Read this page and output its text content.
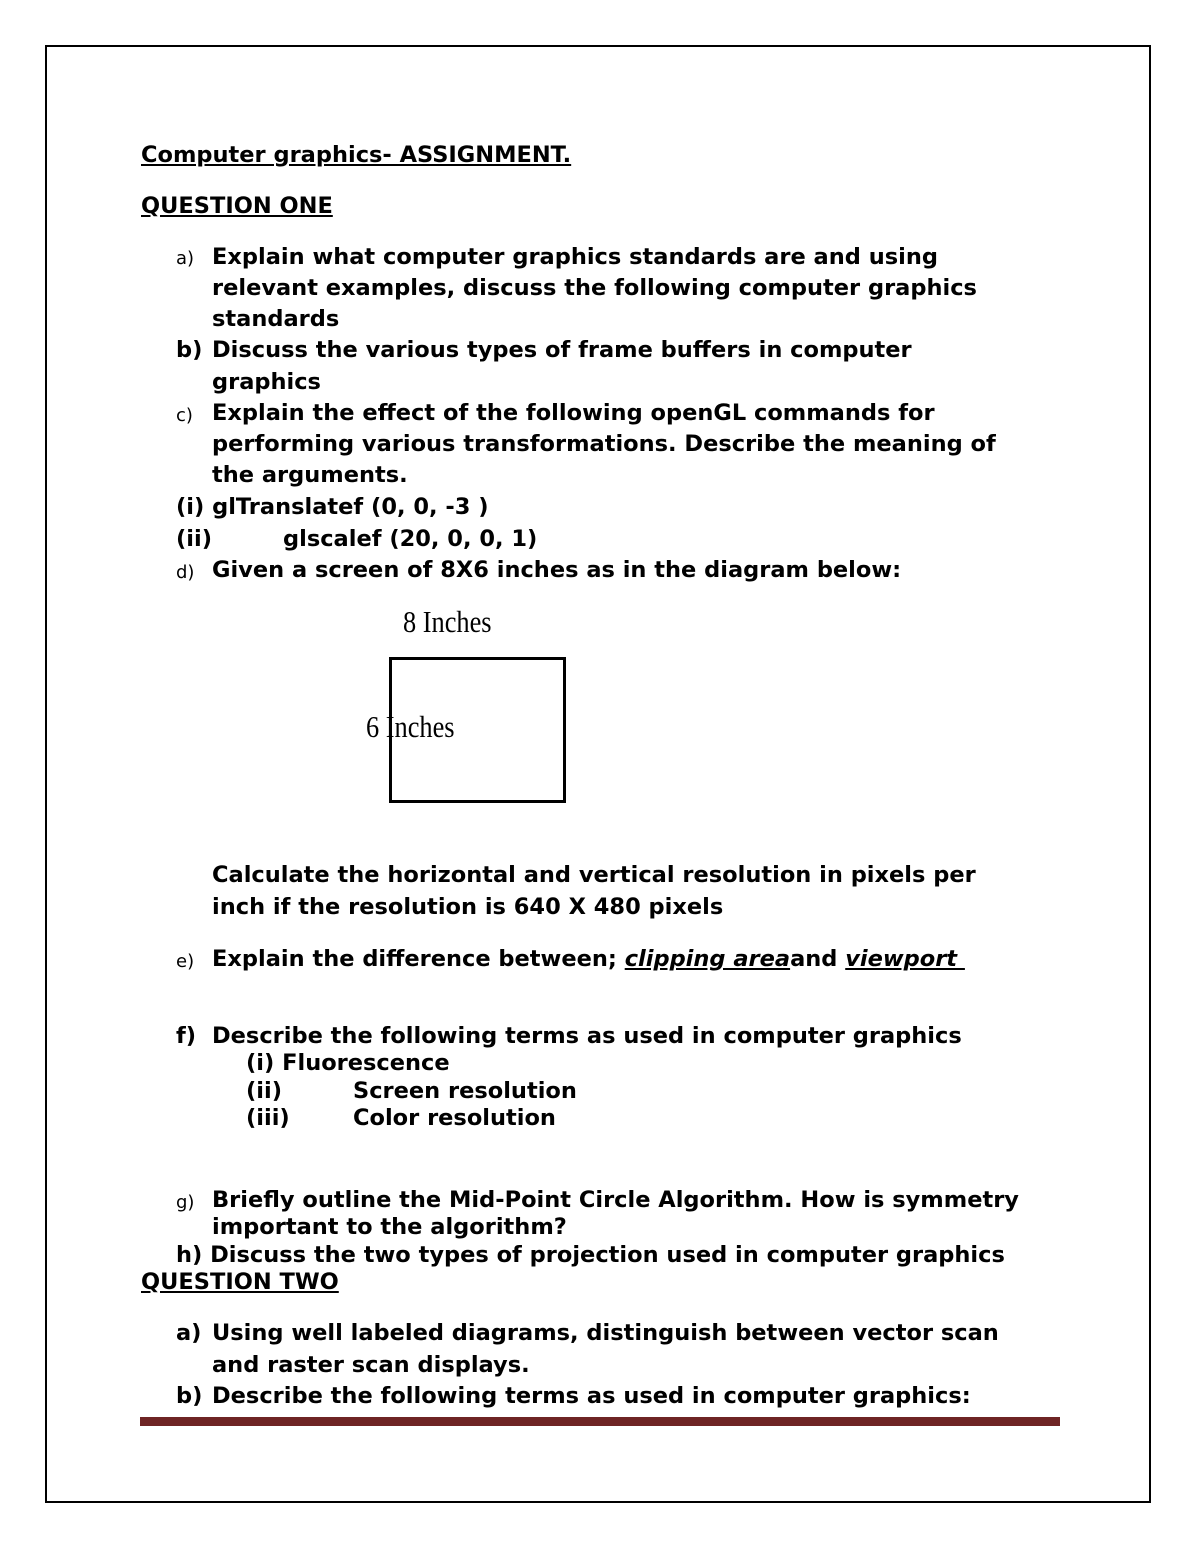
Computer graphics- ASSIGNMENT.
QUESTION ONE
a) Explain what computer graphics standards are and using
relevant examples, discuss the following computer graphics
standards
b) Discuss the various types of frame buffers in computer
graphics
c) Explain the effect of the following openGL commands for
performing various transformations. Describe the meaning of
the arguments.
(i) glTranslatef (0, 0, -3 )
(ii)	glscalef (20, 0, 0, 1)
d) Given a screen of 8X6 inches as in the diagram below:
8 Inches
6 Inches
Calculate the horizontal and vertical resolution in pixels per
inch if the resolution is 640 X 480 pixels
e) Explain the difference between; clipping areaand viewport
f) Describe the following terms as used in computer graphics
(i) Fluorescence
(ii)	Screen resolution
(iii)	Color resolution
g) Briefly outline the Mid-Point Circle Algorithm. How is symmetry
important to the algorithm?
h) Discuss the two types of projection used in computer graphics
QUESTION TWO
a) Using well labeled diagrams, distinguish between vector scan
and raster scan displays.
b) Describe the following terms as used in computer graphics:
